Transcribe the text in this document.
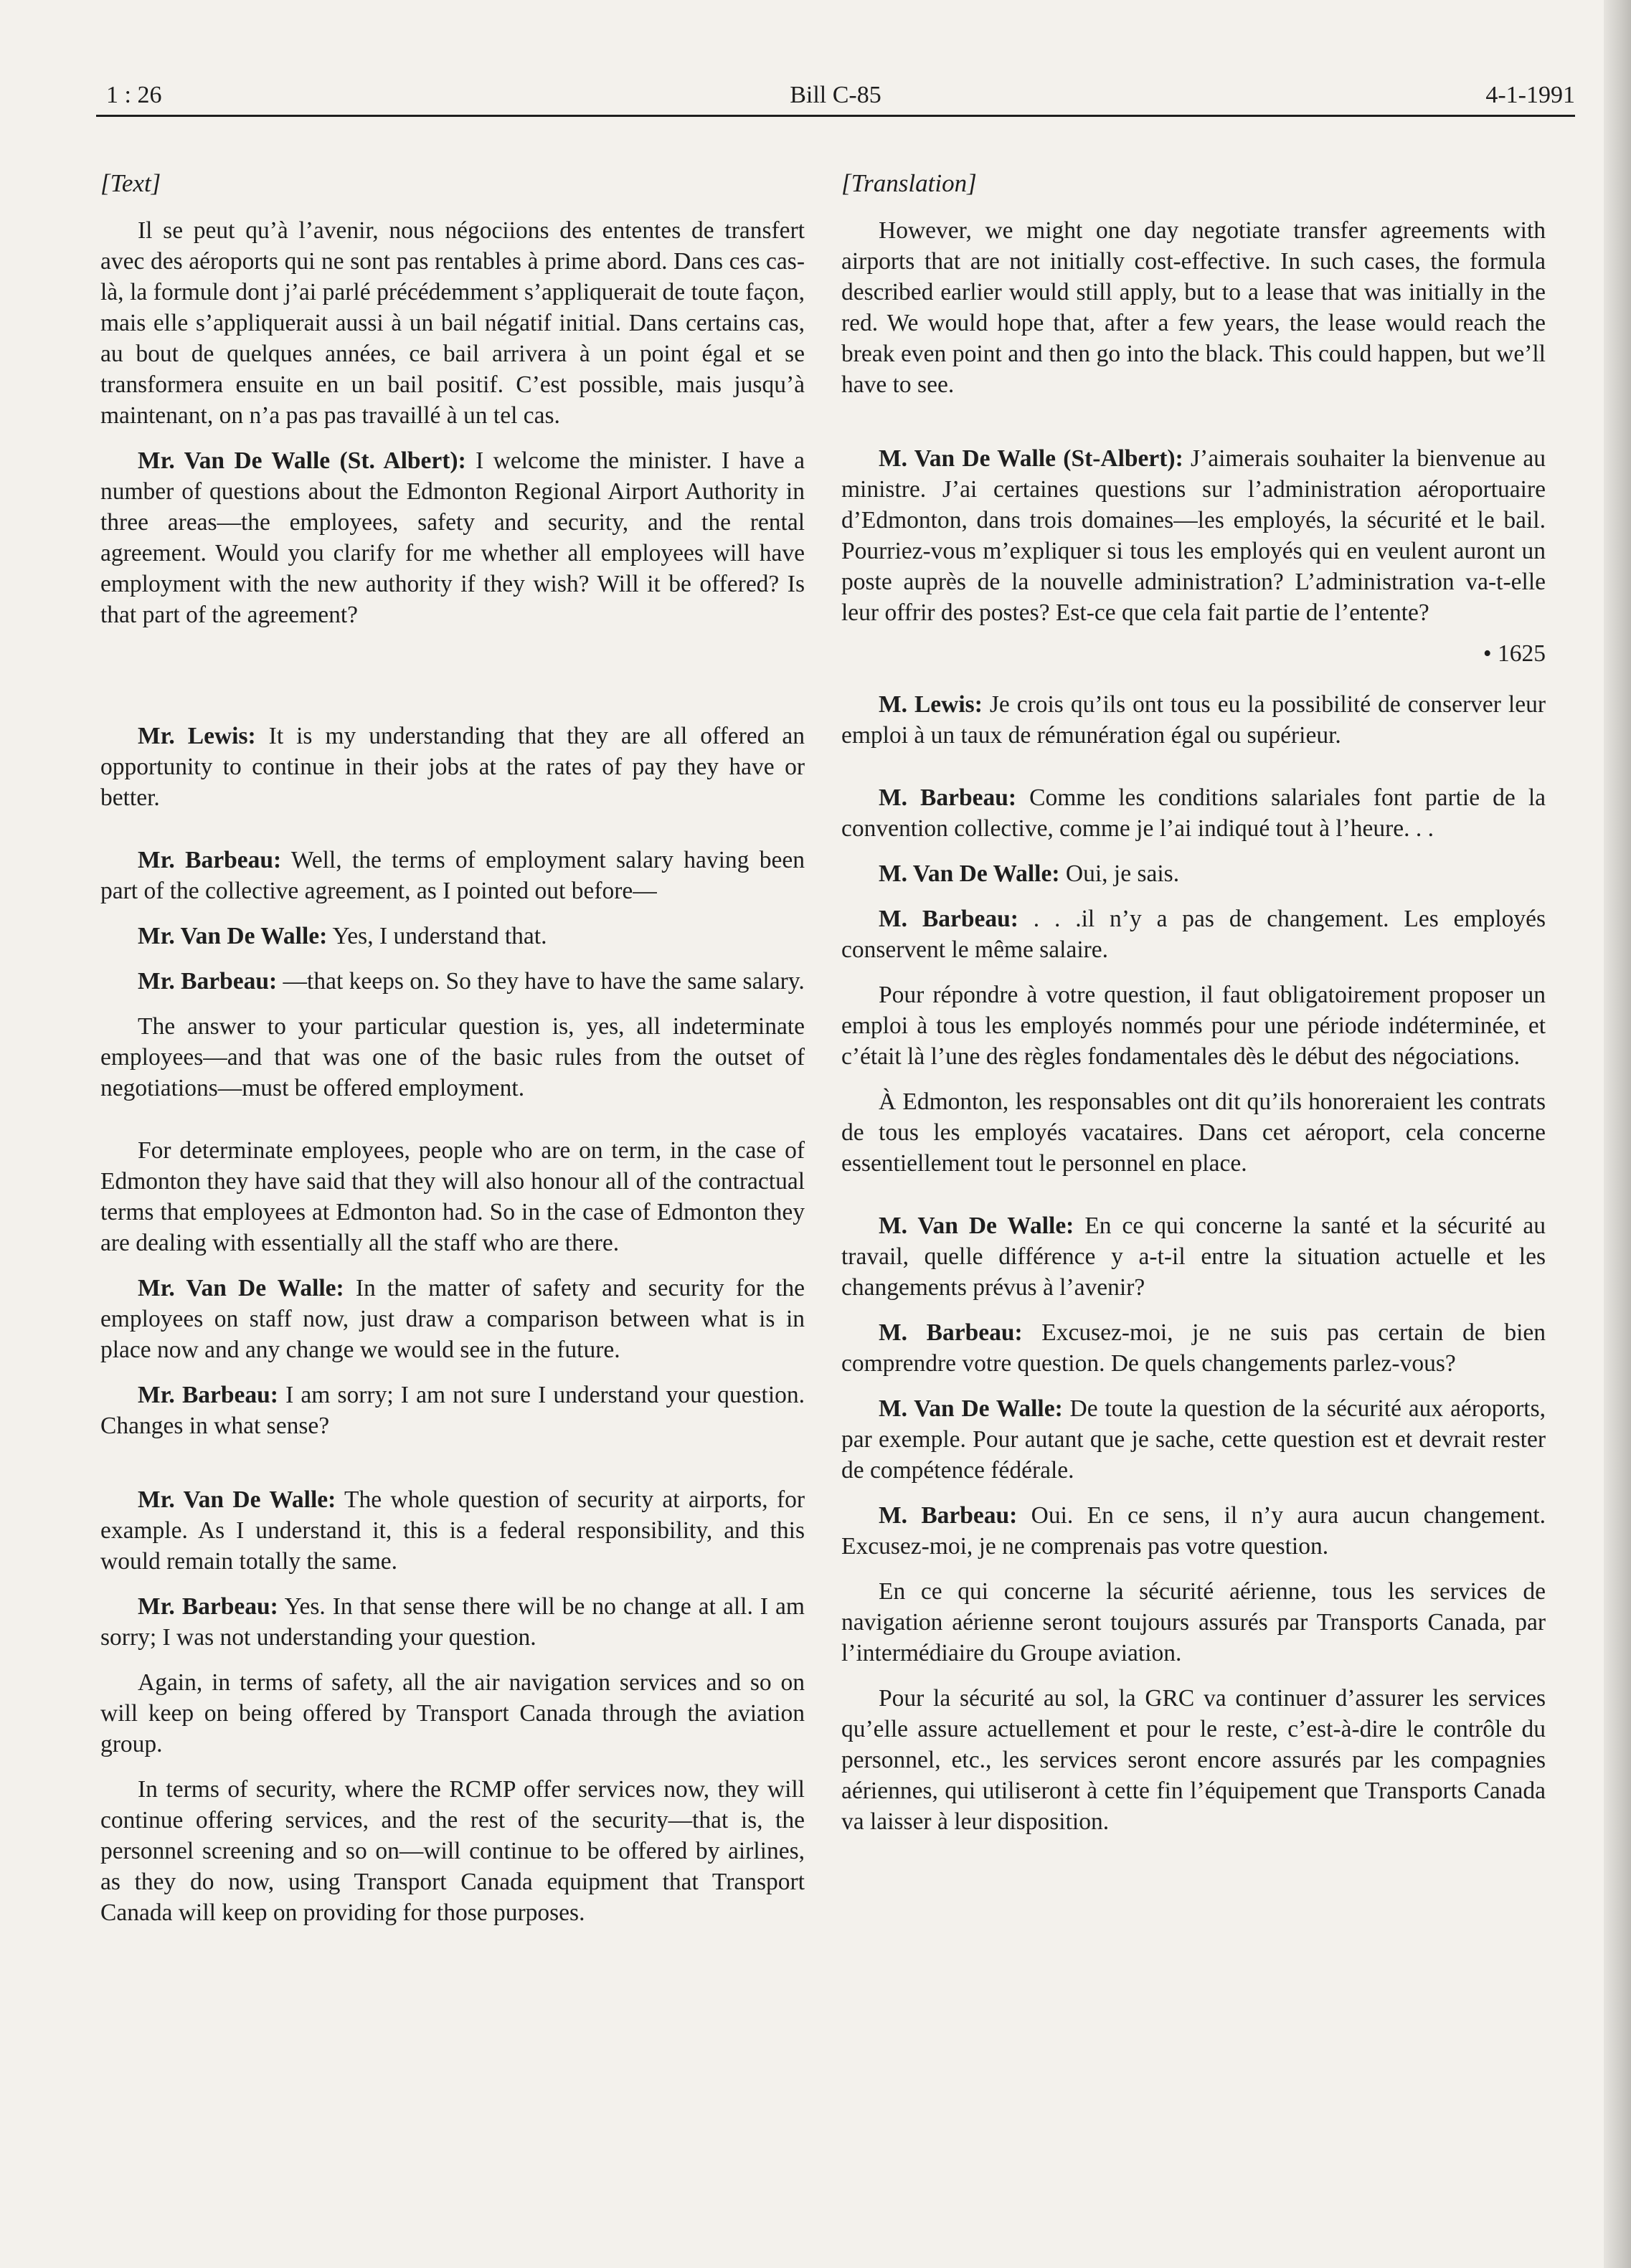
1 : 26	Bill C-85	4-1-1991
[Text]

Il se peut qu’à l’avenir, nous négociions des ententes de transfert avec des aéroports qui ne sont pas rentables à prime abord. Dans ces cas-là, la formule dont j’ai parlé précédemment s’appliquerait de toute façon, mais elle s’appliquerait aussi à un bail négatif initial. Dans certains cas, au bout de quelques années, ce bail arrivera à un point égal et se transformera ensuite en un bail positif. C’est possible, mais jusqu’à maintenant, on n’a pas pas travaillé à un tel cas.

Mr. Van De Walle (St. Albert): I welcome the minister. I have a number of questions about the Edmonton Regional Airport Authority in three areas—the employees, safety and security, and the rental agreement. Would you clarify for me whether all employees will have employment with the new authority if they wish? Will it be offered? Is that part of the agreement?

Mr. Lewis: It is my understanding that they are all offered an opportunity to continue in their jobs at the rates of pay they have or better.

Mr. Barbeau: Well, the terms of employment salary having been part of the collective agreement, as I pointed out before—

Mr. Van De Walle: Yes, I understand that.

Mr. Barbeau: —that keeps on. So they have to have the same salary.

The answer to your particular question is, yes, all indeterminate employees—and that was one of the basic rules from the outset of negotiations—must be offered employment.

For determinate employees, people who are on term, in the case of Edmonton they have said that they will also honour all of the contractual terms that employees at Edmonton had. So in the case of Edmonton they are dealing with essentially all the staff who are there.

Mr. Van De Walle: In the matter of safety and security for the employees on staff now, just draw a comparison between what is in place now and any change we would see in the future.

Mr. Barbeau: I am sorry; I am not sure I understand your question. Changes in what sense?

Mr. Van De Walle: The whole question of security at airports, for example. As I understand it, this is a federal responsibility, and this would remain totally the same.

Mr. Barbeau: Yes. In that sense there will be no change at all. I am sorry; I was not understanding your question.

Again, in terms of safety, all the air navigation services and so on will keep on being offered by Transport Canada through the aviation group.

In terms of security, where the RCMP offer services now, they will continue offering services, and the rest of the security—that is, the personnel screening and so on—will continue to be offered by airlines, as they do now, using Transport Canada equipment that Transport Canada will keep on providing for those purposes.

[Translation]

However, we might one day negotiate transfer agreements with airports that are not initially cost-effective. In such cases, the formula described earlier would still apply, but to a lease that was initially in the red. We would hope that, after a few years, the lease would reach the break even point and then go into the black. This could happen, but we’ll have to see.

M. Van De Walle (St-Albert): J’aimerais souhaiter la bienvenue au ministre. J’ai certaines questions sur l’administration aéroportuaire d’Edmonton, dans trois domaines—les employés, la sécurité et le bail. Pourriez-vous m’expliquer si tous les employés qui en veulent auront un poste auprès de la nouvelle administration? L’administration va-t-elle leur offrir des postes? Est-ce que cela fait partie de l’entente?

• 1625

M. Lewis: Je crois qu’ils ont tous eu la possibilité de conserver leur emploi à un taux de rémunération égal ou supérieur.

M. Barbeau: Comme les conditions salariales font partie de la convention collective, comme je l’ai indiqué tout à l’heure. . .

M. Van De Walle: Oui, je sais.

M. Barbeau: . . .il n’y a pas de changement. Les employés conservent le même salaire.

Pour répondre à votre question, il faut obligatoirement proposer un emploi à tous les employés nommés pour une période indéterminée, et c’était là l’une des règles fondamentales dès le début des négociations.

À Edmonton, les responsables ont dit qu’ils honoreraient les contrats de tous les employés vacataires. Dans cet aéroport, cela concerne essentiellement tout le personnel en place.

M. Van De Walle: En ce qui concerne la santé et la sécurité au travail, quelle différence y a-t-il entre la situation actuelle et les changements prévus à l’avenir?

M. Barbeau: Excusez-moi, je ne suis pas certain de bien comprendre votre question. De quels changements parlez-vous?

M. Van De Walle: De toute la question de la sécurité aux aéroports, par exemple. Pour autant que je sache, cette question est et devrait rester de compétence fédérale.

M. Barbeau: Oui. En ce sens, il n’y aura aucun changement. Excusez-moi, je ne comprenais pas votre question.

En ce qui concerne la sécurité aérienne, tous les services de navigation aérienne seront toujours assurés par Transports Canada, par l’intermédiaire du Groupe aviation.

Pour la sécurité au sol, la GRC va continuer d’assurer les services qu’elle assure actuellement et pour le reste, c’est-à-dire le contrôle du personnel, etc., les services seront encore assurés par les compagnies aériennes, qui utiliseront à cette fin l’équipement que Transports Canada va laisser à leur disposition.
